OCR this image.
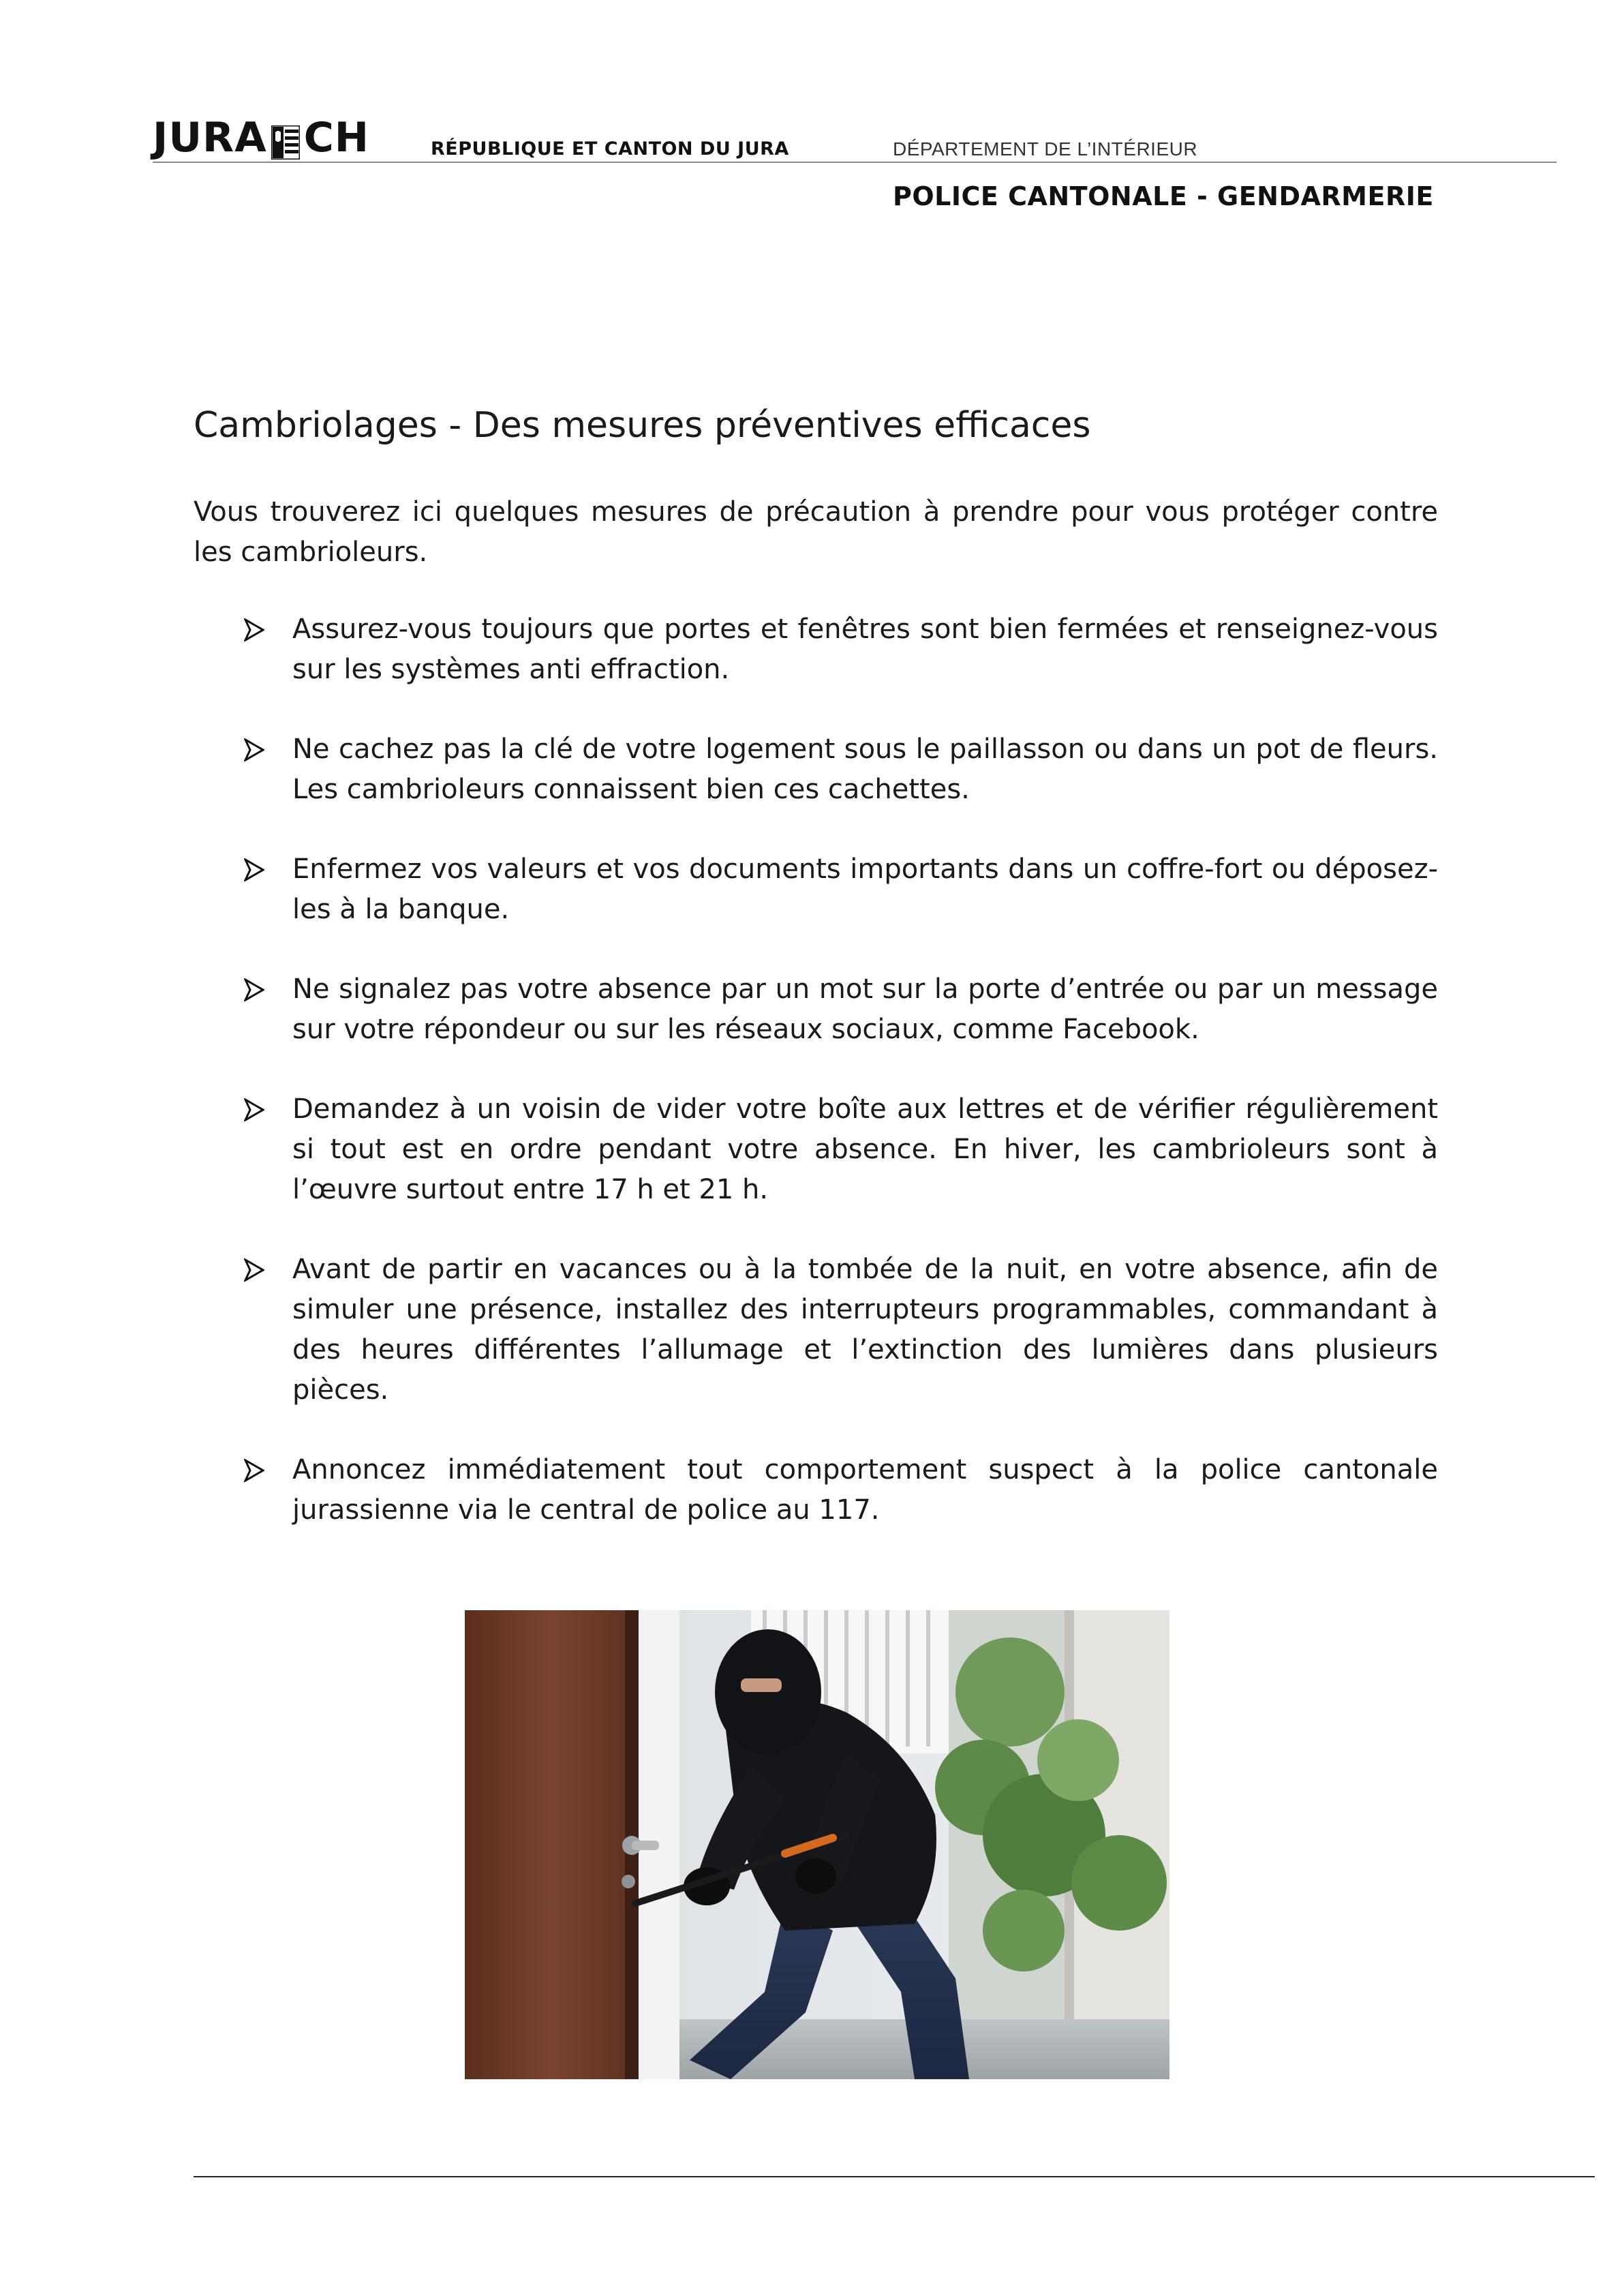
JURA CH	RÉPUBLIQUE ET CANTON DU JURA	DÉPARTEMENT DE L’INTÉRIEUR
POLICE CANTONALE - GENDARMERIE
Cambriolages - Des mesures préventives efficaces

Vous trouverez ici quelques mesures de précaution à prendre pour vous protéger contre les cambrioleurs.

Assurez-vous toujours que portes et fenêtres sont bien fermées et renseignez-vous sur les systèmes anti effraction.
Ne cachez pas la clé de votre logement sous le paillasson ou dans un pot de fleurs. Les cambrioleurs connaissent bien ces cachettes.
Enfermez vos valeurs et vos documents importants dans un coffre-fort ou déposez-les à la banque.
Ne signalez pas votre absence par un mot sur la porte d’entrée ou par un message sur votre répondeur ou sur les réseaux sociaux, comme Facebook.
Demandez à un voisin de vider votre boîte aux lettres et de vérifier régulièrement si tout est en ordre pendant votre absence. En hiver, les cambrioleurs sont à l’œuvre surtout entre 17 h et 21 h.
Avant de partir en vacances ou à la tombée de la nuit, en votre absence, afin de simuler une présence, installez des interrupteurs programmables, commandant à des heures différentes l’allumage et l’extinction des lumières dans plusieurs pièces.
Annoncez immédiatement tout comportement suspect à la police cantonale jurassienne via le central de police au 117.
